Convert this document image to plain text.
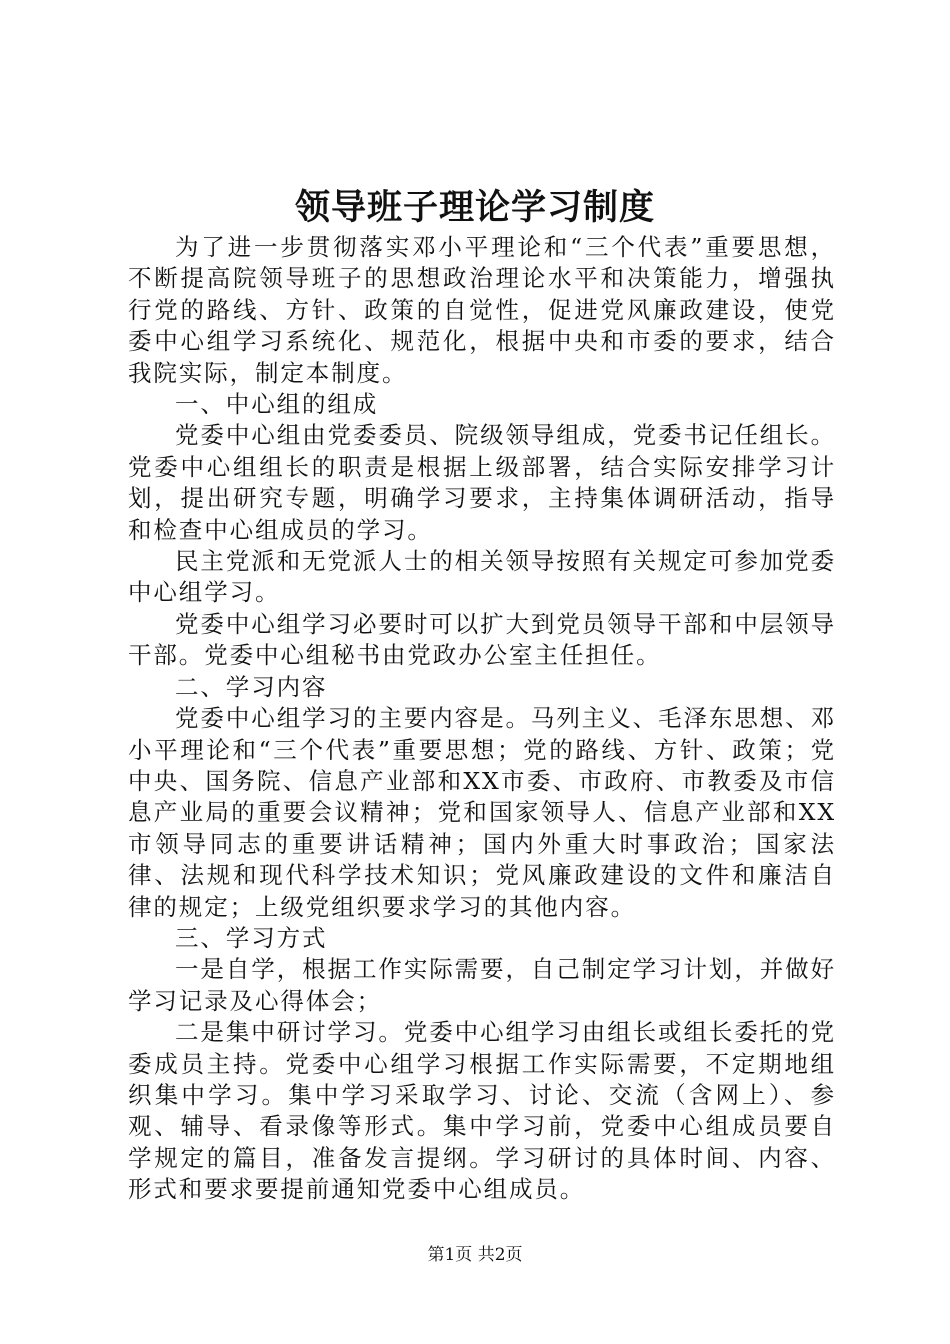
领导班子理论学习制度

为了进一步贯彻落实邓小平理论和“三个代表”重要思想，不断提高院领导班子的思想政治理论水平和决策能力，增强执行党的路线、方针、政策的自觉性，促进党风廉政建设，使党委中心组学习系统化、规范化，根据中央和市委的要求，结合我院实际，制定本制度。

一、中心组的组成

党委中心组由党委委员、院级领导组成，党委书记任组长。党委中心组组长的职责是根据上级部署，结合实际安排学习计划，提出研究专题，明确学习要求，主持集体调研活动，指导和检查中心组成员的学习。

民主党派和无党派人士的相关领导按照有关规定可参加党委中心组学习。

党委中心组学习必要时可以扩大到党员领导干部和中层领导干部。党委中心组秘书由党政办公室主任担任。

二、学习内容

党委中心组学习的主要内容是。马列主义、毛泽东思想、邓小平理论和“三个代表”重要思想；党的路线、方针、政策；党中央、国务院、信息产业部和XX市委、市政府、市教委及市信息产业局的重要会议精神；党和国家领导人、信息产业部和XX市领导同志的重要讲话精神；国内外重大时事政治；国家法律、法规和现代科学技术知识；党风廉政建设的文件和廉洁自律的规定；上级党组织要求学习的其他内容。

三、学习方式

一是自学，根据工作实际需要，自己制定学习计划，并做好学习记录及心得体会；

二是集中研讨学习。党委中心组学习由组长或组长委托的党委成员主持。党委中心组学习根据工作实际需要，不定期地组织集中学习。集中学习采取学习、讨论、交流（含网上）、参观、辅导、看录像等形式。集中学习前，党委中心组成员要自学规定的篇目，准备发言提纲。学习研讨的具体时间、内容、形式和要求要提前通知党委中心组成员。

第1页 共2页
